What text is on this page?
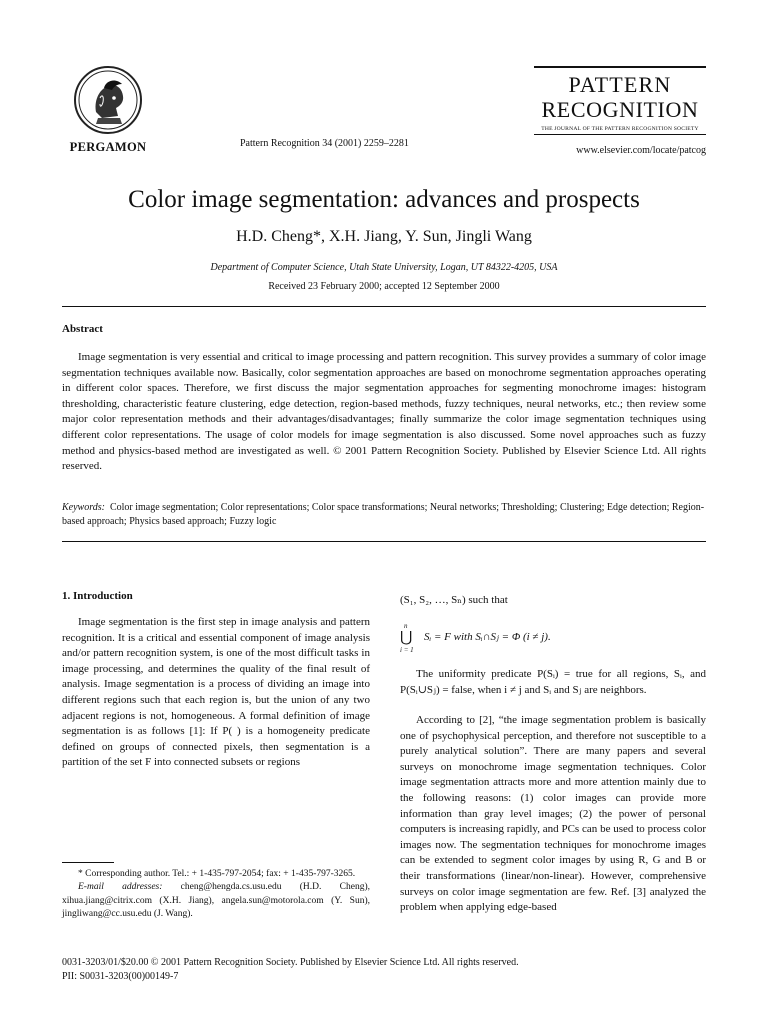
PERGAMON	Pattern Recognition 34 (2001) 2259–2281
PATTERN
RECOGNITION
THE JOURNAL OF THE PATTERN RECOGNITION SOCIETY
www.elsevier.com/locate/patcog
Color image segmentation: advances and prospects
H.D. Cheng*, X.H. Jiang, Y. Sun, Jingli Wang
Department of Computer Science, Utah State University, Logan, UT 84322-4205, USA
Received 23 February 2000; accepted 12 September 2000
Abstract
Image segmentation is very essential and critical to image processing and pattern recognition. This survey provides a summary of color image segmentation techniques available now. Basically, color segmentation approaches are based on monochrome segmentation approaches operating in different color spaces. Therefore, we first discuss the major segmentation approaches for segmenting monochrome images: histogram thresholding, characteristic feature clustering, edge detection, region-based methods, fuzzy techniques, neural networks, etc.; then review some major color representation methods and their advantages/disadvantages; finally summarize the color image segmentation techniques using different color representations. The usage of color models for image segmentation is also discussed. Some novel approaches such as fuzzy method and physics-based method are investigated as well. © 2001 Pattern Recognition Society. Published by Elsevier Science Ltd. All rights reserved.
Keywords: Color image segmentation; Color representations; Color space transformations; Neural networks; Thresholding; Clustering; Edge detection; Region-based approach; Physics based approach; Fuzzy logic
1. Introduction
Image segmentation is the first step in image analysis and pattern recognition. It is a critical and essential component of image analysis and/or pattern recognition system, is one of the most difficult tasks in image processing, and determines the quality of the final result of analysis. Image segmentation is a process of dividing an image into different regions such that each region is, but the union of any two adjacent regions is not, homogeneous. A formal definition of image segmentation is as follows [1]: If P( ) is a homogeneity predicate defined on groups of connected pixels, then segmentation is a partition of the set F into connected subsets or regions
* Corresponding author. Tel.: + 1-435-797-2054; fax: + 1-435-797-3265.
E-mail addresses: cheng@hengda.cs.usu.edu (H.D. Cheng), xihua.jiang@citrix.com (X.H. Jiang), angela.sun@motorola.com (Y. Sun), jingliwang@cc.usu.edu (J. Wang).
(S₁, S₂, …, Sₙ) such that
n
⋃
i = 1
Sᵢ = F with Sᵢ∩Sⱼ = Φ (i ≠ j).
The uniformity predicate P(Sᵢ) = true for all regions, Sᵢ, and P(Sᵢ∪Sⱼ) = false, when i ≠ j and Sᵢ and Sⱼ are neighbors.
According to [2], “the image segmentation problem is basically one of psychophysical perception, and therefore not susceptible to a purely analytical solution”. There are many papers and several surveys on monochrome image segmentation techniques. Color image segmentation attracts more and more attention mainly due to the following reasons: (1) color images can provide more information than gray level images; (2) the power of personal computers is increasing rapidly, and PCs can be used to process color images now. The segmentation techniques for monochrome images can be extended to segment color images by using R, G and B or their transformations (linear/non-linear). However, comprehensive surveys on color image segmentation are few. Ref. [3] analyzed the problem when applying edge-based
0031-3203/01/$20.00 © 2001 Pattern Recognition Society. Published by Elsevier Science Ltd. All rights reserved.
PII: S0031-3203(00)00149-7
